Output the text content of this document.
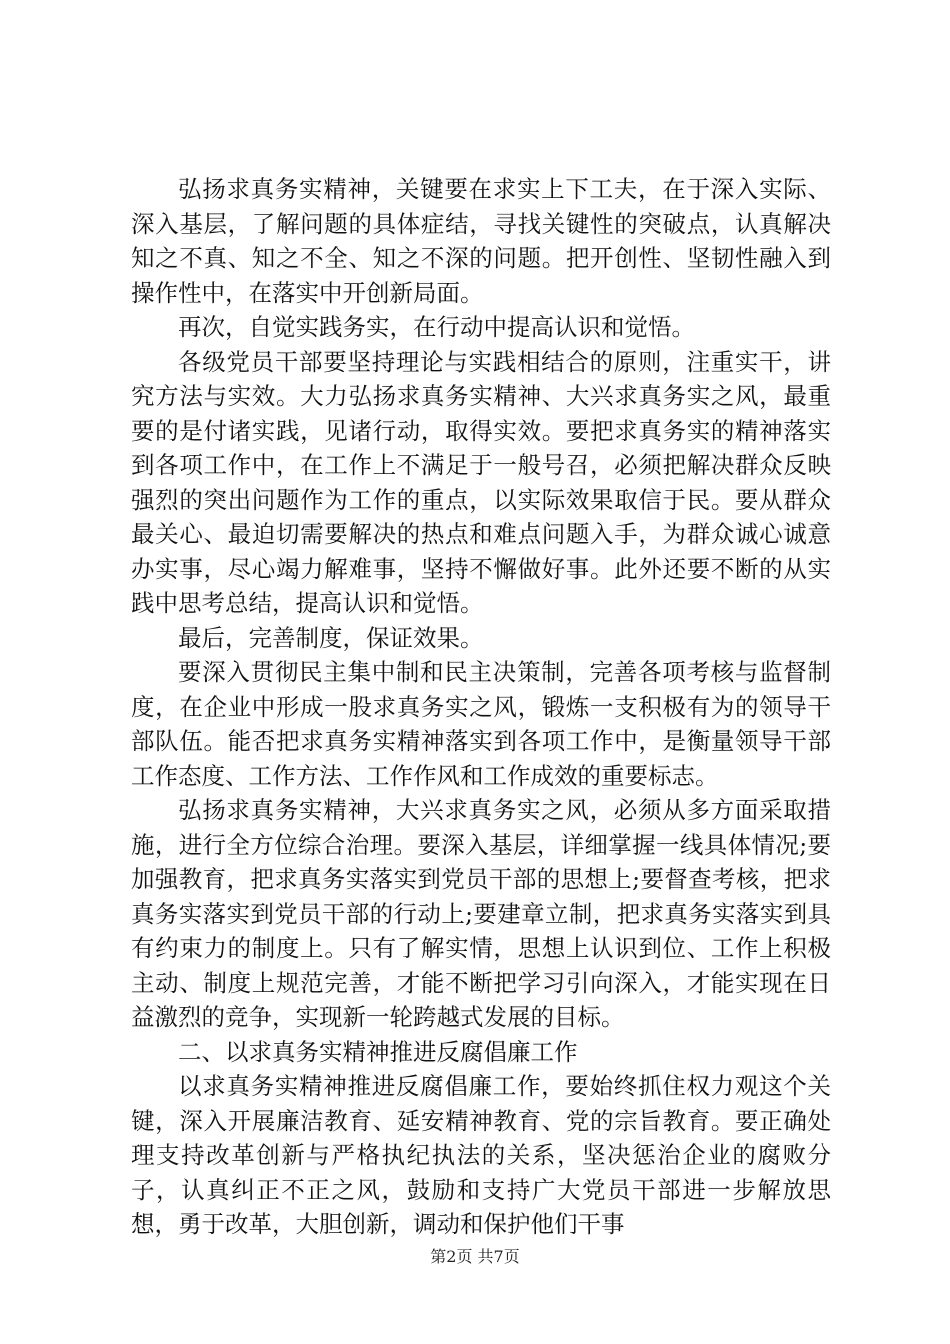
弘扬求真务实精神，关键要在求实上下工夫，在于深入实际、深入基层，了解问题的具体症结，寻找关键性的突破点，认真解决知之不真、知之不全、知之不深的问题。把开创性、坚韧性融入到操作性中，在落实中开创新局面。

再次，自觉实践务实，在行动中提高认识和觉悟。

各级党员干部要坚持理论与实践相结合的原则，注重实干，讲究方法与实效。大力弘扬求真务实精神、大兴求真务实之风，最重要的是付诸实践，见诸行动，取得实效。要把求真务实的精神落实到各项工作中，在工作上不满足于一般号召，必须把解决群众反映强烈的突出问题作为工作的重点，以实际效果取信于民。要从群众最关心、最迫切需要解决的热点和难点问题入手，为群众诚心诚意办实事，尽心竭力解难事，坚持不懈做好事。此外还要不断的从实践中思考总结，提高认识和觉悟。

最后，完善制度，保证效果。

要深入贯彻民主集中制和民主决策制，完善各项考核与监督制度，在企业中形成一股求真务实之风，锻炼一支积极有为的领导干部队伍。能否把求真务实精神落实到各项工作中，是衡量领导干部工作态度、工作方法、工作作风和工作成效的重要标志。

弘扬求真务实精神，大兴求真务实之风，必须从多方面采取措施，进行全方位综合治理。要深入基层，详细掌握一线具体情况;要加强教育，把求真务实落实到党员干部的思想上;要督查考核，把求真务实落实到党员干部的行动上;要建章立制，把求真务实落实到具有约束力的制度上。只有了解实情，思想上认识到位、工作上积极主动、制度上规范完善，才能不断把学习引向深入，才能实现在日益激烈的竞争，实现新一轮跨越式发展的目标。

二、以求真务实精神推进反腐倡廉工作

以求真务实精神推进反腐倡廉工作，要始终抓住权力观这个关键，深入开展廉洁教育、延安精神教育、党的宗旨教育。要正确处理支持改革创新与严格执纪执法的关系，坚决惩治企业的腐败分子，认真纠正不正之风，鼓励和支持广大党员干部进一步解放思想，勇于改革，大胆创新，调动和保护他们干事

第2页 共7页
